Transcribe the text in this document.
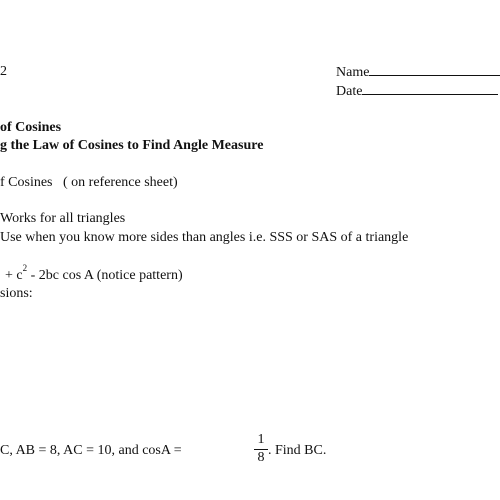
2	Name
Date
of Cosines
g the Law of Cosines to Find Angle Measure
f Cosines ( on reference sheet)
Works for all triangles
Use when you know more sides than angles i.e. SSS or SAS of a triangle
+ $c^2 - 2bc$ cos A (notice pattern)
sions:
C, AB = 8, AC = 10, and cosA =
1
8 . Find BC.
